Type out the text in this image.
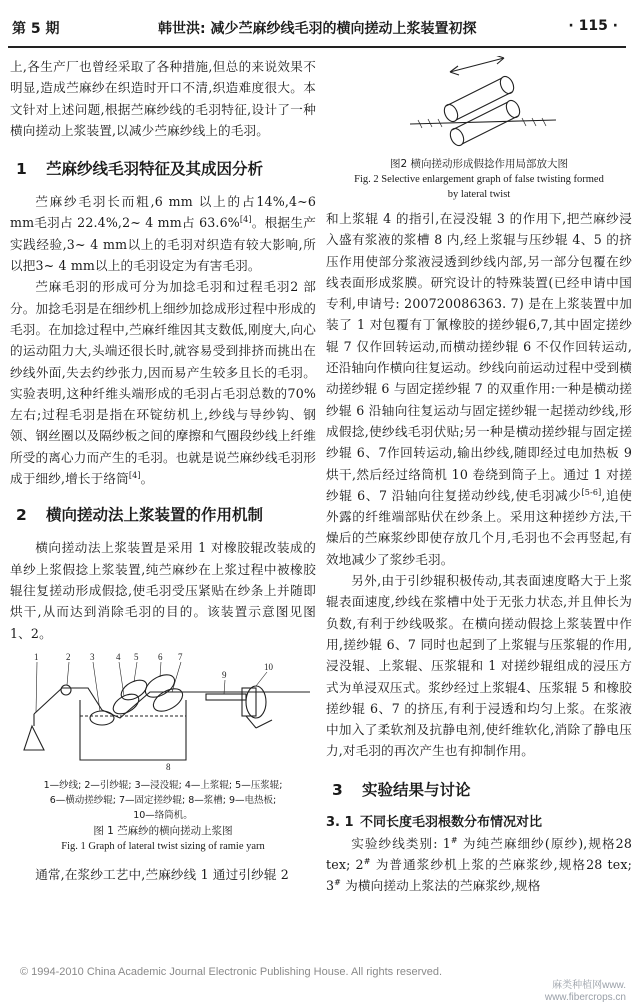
第 5 期	韩世洪: 减少苎麻纱线毛羽的横向搓动上浆装置初探	· 115 ·

上,各生产厂也曾经采取了各种措施,但总的来说效果不明显,造成苎麻纱在织造时开口不清,织造难度很大。本文针对上述问题,根据苎麻纱线的毛羽特征,设计了一种横向搓动上浆装置,以减少苎麻纱线上的毛羽。

1 苎麻纱线毛羽特征及其成因分析

苎麻纱毛羽长而粗,6 mm 以上的占14%,4~6 mm毛羽占 22.4%,2~ 4 mm占 63.6%[4]。根据生产实践经验,3~ 4 mm以上的毛羽对织造有较大影响,所以把3~ 4 mm以上的毛羽设定为有害毛羽。

苎麻毛羽的形成可分为加捻毛羽和过程毛羽2 部分。加捻毛羽是在细纱机上细纱加捻成形过程中形成的毛羽。在加捻过程中,苎麻纤维因其支数低,刚度大,向心的运动阻力大,头端还很长时,就容易受到排挤而挑出在纱线外面,失去约纱张力,因而易产生较多且长的毛羽。实验表明,这种纤维头端形成的毛羽占毛羽总数的70% 左右;过程毛羽是指在环锭纺机上,纱线与导纱钩、钢领、钢丝圈以及隔纱板之间的摩擦和气圈段纱线上纤维所受的离心力而产生的毛羽。也就是说苎麻纱线毛羽形成于细纱,增长于络筒[4]。

2 横向搓动法上浆装置的作用机制

横向搓动法上浆装置是采用 1 对橡胶辊改装成的单纱上浆假捻上浆装置,纯苎麻纱在上浆过程中被橡胶辊往复搓动形成假捻,使毛羽受压紧贴在纱条上并随即烘干,从而达到消除毛羽的目的。该装置示意图见图 1、2。

1	2 3 4 5 6 7
8
9
10

1—纱线; 2—引纱辊; 3—浸没辊; 4—上浆辊; 5—压浆辊;

6—横动搓纱辊; 7—固定搓纱辊; 8—浆槽; 9—电热板;

10—络筒机。

图 1 苎麻纱的横向搓动上浆图

Fig. 1 Graph of lateral twist sizing of ramie yarn

通常,在浆纱工艺中,苎麻纱线 1 通过引纱辊 2

图2 横向搓动形成假捻作用局部放大图

Fig. 2 Selective enlargement graph of false twisting formed

by lateral twist

和上浆辊 4 的指引,在浸没辊 3 的作用下,把苎麻纱浸入盛有浆液的浆槽 8 内,经上浆辊与压纱辊 4、5 的挤压作用使部分浆液浸透到纱线内部,另一部分包覆在纱线表面形成浆膜。研究设计的特殊装置(已经申请中国专利,申请号: 200720086363. 7) 是在上浆装置中加装了 1 对包覆有丁氰橡胶的搓纱辊6,7,其中固定搓纱辊 7 仅作回转运动,而横动搓纱辊 6 不仅作回转运动,还沿轴向作横向往复运动。纱线向前运动过程中受到横动搓纱辊 6 与固定搓纱辊 7 的双重作用:一种是横动搓纱辊 6 沿轴向往复运动与固定搓纱辊一起搓动纱线,形成假捻,使纱线毛羽伏贴;另一种是横动搓纱辊与固定搓纱辊 6、7作回转运动,输出纱线,随即经过电加热板 9 烘干,然后经过络筒机 10 卷绕到筒子上。通过 1 对搓纱辊 6、7 沿轴向往复搓动纱线,使毛羽减少[5-6],追使外露的纤维端部贴伏在纱条上。采用这种搓纱方法,干燥后的苎麻浆纱即使存放几个月,毛羽也不会再竖起,有效地减少了浆纱毛羽。

另外,由于引纱辊积极传动,其表面速度略大于上浆辊表面速度,纱线在浆槽中处于无张力状态,并且伸长为负数,有利于纱线吸浆。在横向搓动假捻上浆装置中作用,搓纱辊 6、7 同时也起到了上浆辊与压浆辊的作用,浸没辊、上浆辊、压浆辊和 1 对搓纱辊组成的浸压方式为单浸双压式。浆纱经过上浆辊4、压浆辊 5 和橡胶搓纱辊 6、7 的挤压,有利于浸透和均匀上浆。在浆液中加入了柔软剂及抗静电剂,使纤维软化,消除了静电压力,对毛羽的再次产生也有抑制作用。

3 实验结果与讨论
3. 1 不同长度毛羽根数分布情况对比

实验纱线类别: 1# 为纯苎麻细纱(原纱),规格28 tex; 2# 为普通浆纱机上浆的苎麻浆纱,规格28 tex; 3# 为横向搓动上浆法的苎麻浆纱,规格

© 1994-2010 China Academic Journal Electronic Publishing House. All rights reserved.
麻类种植网www.
www.fibercrops.cn
